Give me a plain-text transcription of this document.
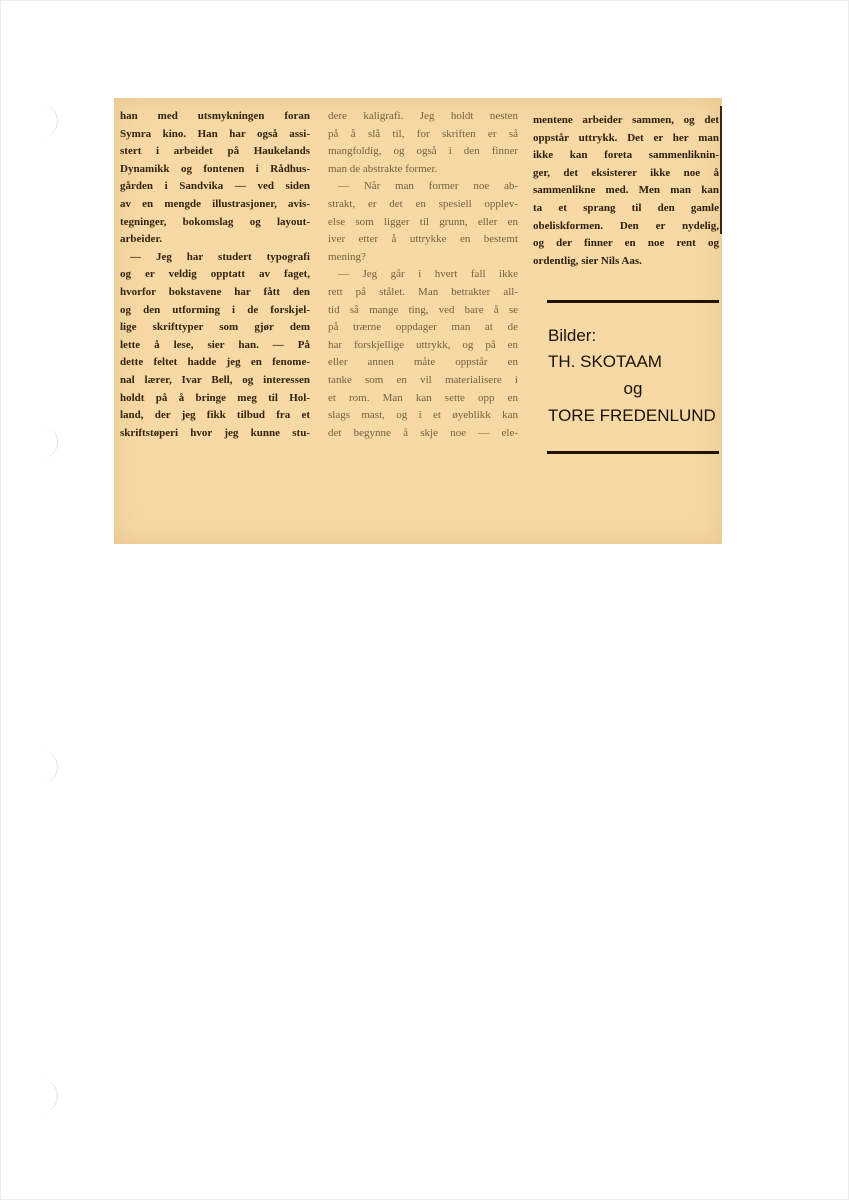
han med utsmykningen foran
Symra kino. Han har også assi-
stert i arbeidet på Haukelands
Dynamikk og fontenen i Rådhus-
gården i Sandvika — ved siden
av en mengde illustrasjoner, avis-
tegninger, bokomslag og layout-
arbeider.
— Jeg har studert typografi
og er veldig opptatt av faget,
hvorfor bokstavene har fått den
og den utforming i de forskjel-
lige skrifttyper som gjør dem
lette å lese, sier han. — På
dette feltet hadde jeg en fenome-
nal lærer, Ivar Bell, og interessen
holdt på å bringe meg til Hol-
land, der jeg fikk tilbud fra et
skriftstøperi hvor jeg kunne stu-
dere kaligrafi. Jeg holdt nesten
på å slå til, for skriften er så
mangfoldig, og også i den finner
man de abstrakte former.
— Når man former noe ab-
strakt, er det en spesiell opplev-
else som ligger til grunn, eller en
iver etter å uttrykke en bestemt
mening?
— Jeg går i hvert fall ikke
rett på stålet. Man betrakter all-
tid så mange ting, ved bare å se
på trærne oppdager man at de
har forskjellige uttrykk, og på en
eller annen måte oppstår en
tanke som en vil materialisere i
et rom. Man kan sette opp en
slags mast, og i et øyeblikk kan
det begynne å skje noe — ele-
mentene arbeider sammen, og det
oppstår uttrykk. Det er her man
ikke kan foreta sammenliknin-
ger, det eksisterer ikke noe å
sammenlikne med. Men man kan
ta et sprang til den gamle
obeliskformen. Den er nydelig,
og der finner en noe rent og
ordentlig, sier Nils Aas.
Bilder:
TH. SKOTAAM
og
TORE FREDENLUND
